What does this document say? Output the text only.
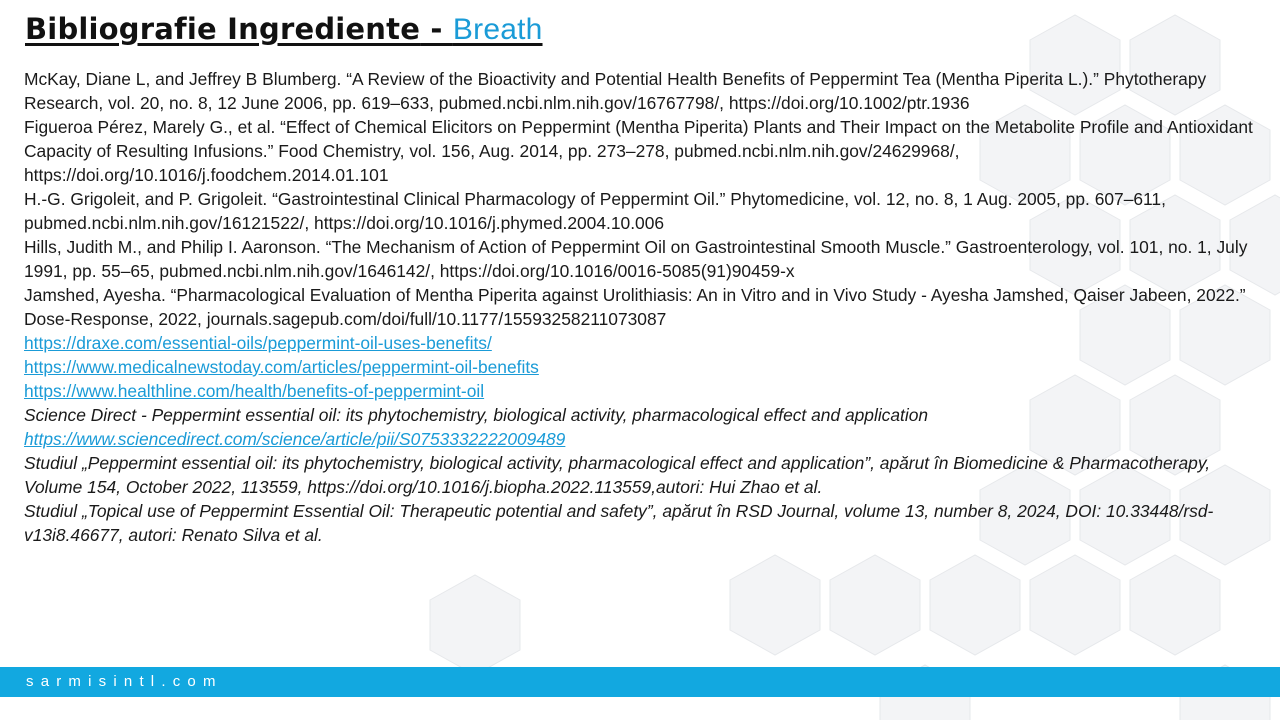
Bibliografie Ingrediente - Breath

McKay, Diane L, and Jeffrey B Blumberg. “A Review of the Bioactivity and Potential Health Benefits of Peppermint Tea (Mentha Piperita L.).” Phytotherapy Research, vol. 20, no. 8, 12 June 2006, pp. 619–633, pubmed.ncbi.nlm.nih.gov/16767798/, https://doi.org/10.1002/ptr.1936

Figueroa Pérez, Marely G., et al. “Effect of Chemical Elicitors on Peppermint (Mentha Piperita) Plants and Their Impact on the Metabolite Profile and Antioxidant Capacity of Resulting Infusions.” Food Chemistry, vol. 156, Aug. 2014, pp. 273–278, pubmed.ncbi.nlm.nih.gov/24629968/, https://doi.org/10.1016/j.foodchem.2014.01.101

H.-G. Grigoleit, and P. Grigoleit. “Gastrointestinal Clinical Pharmacology of Peppermint Oil.” Phytomedicine, vol. 12, no. 8, 1 Aug. 2005, pp. 607–611, pubmed.ncbi.nlm.nih.gov/16121522/, https://doi.org/10.1016/j.phymed.2004.10.006

Hills, Judith M., and Philip I. Aaronson. “The Mechanism of Action of Peppermint Oil on Gastrointestinal Smooth Muscle.” Gastroenterology, vol. 101, no. 1, July 1991, pp. 55–65, pubmed.ncbi.nlm.nih.gov/1646142/, https://doi.org/10.1016/0016-5085(91)90459-x

Jamshed, Ayesha. “Pharmacological Evaluation of Mentha Piperita against Urolithiasis: An in Vitro and in Vivo Study - Ayesha Jamshed, Qaiser Jabeen, 2022.” Dose-Response, 2022, journals.sagepub.com/doi/full/10.1177/15593258211073087

https://draxe.com/essential-oils/peppermint-oil-uses-benefits/

https://www.medicalnewstoday.com/articles/peppermint-oil-benefits

https://www.healthline.com/health/benefits-of-peppermint-oil

Science Direct - Peppermint essential oil: its phytochemistry, biological activity, pharmacological effect and application

https://www.sciencedirect.com/science/article/pii/S0753332222009489

Studiul „Peppermint essential oil: its phytochemistry, biological activity, pharmacological effect and application”, apărut în Biomedicine & Pharmacotherapy, Volume 154, October 2022, 113559, https://doi.org/10.1016/j.biopha.2022.113559,autori: Hui Zhao et al.

Studiul „Topical use of Peppermint Essential Oil: Therapeutic potential and safety”, apărut în RSD Journal, volume 13, number 8, 2024, DOI: 10.33448/rsd-v13i8.46677, autori: Renato Silva et al.

sarmisintl.com
